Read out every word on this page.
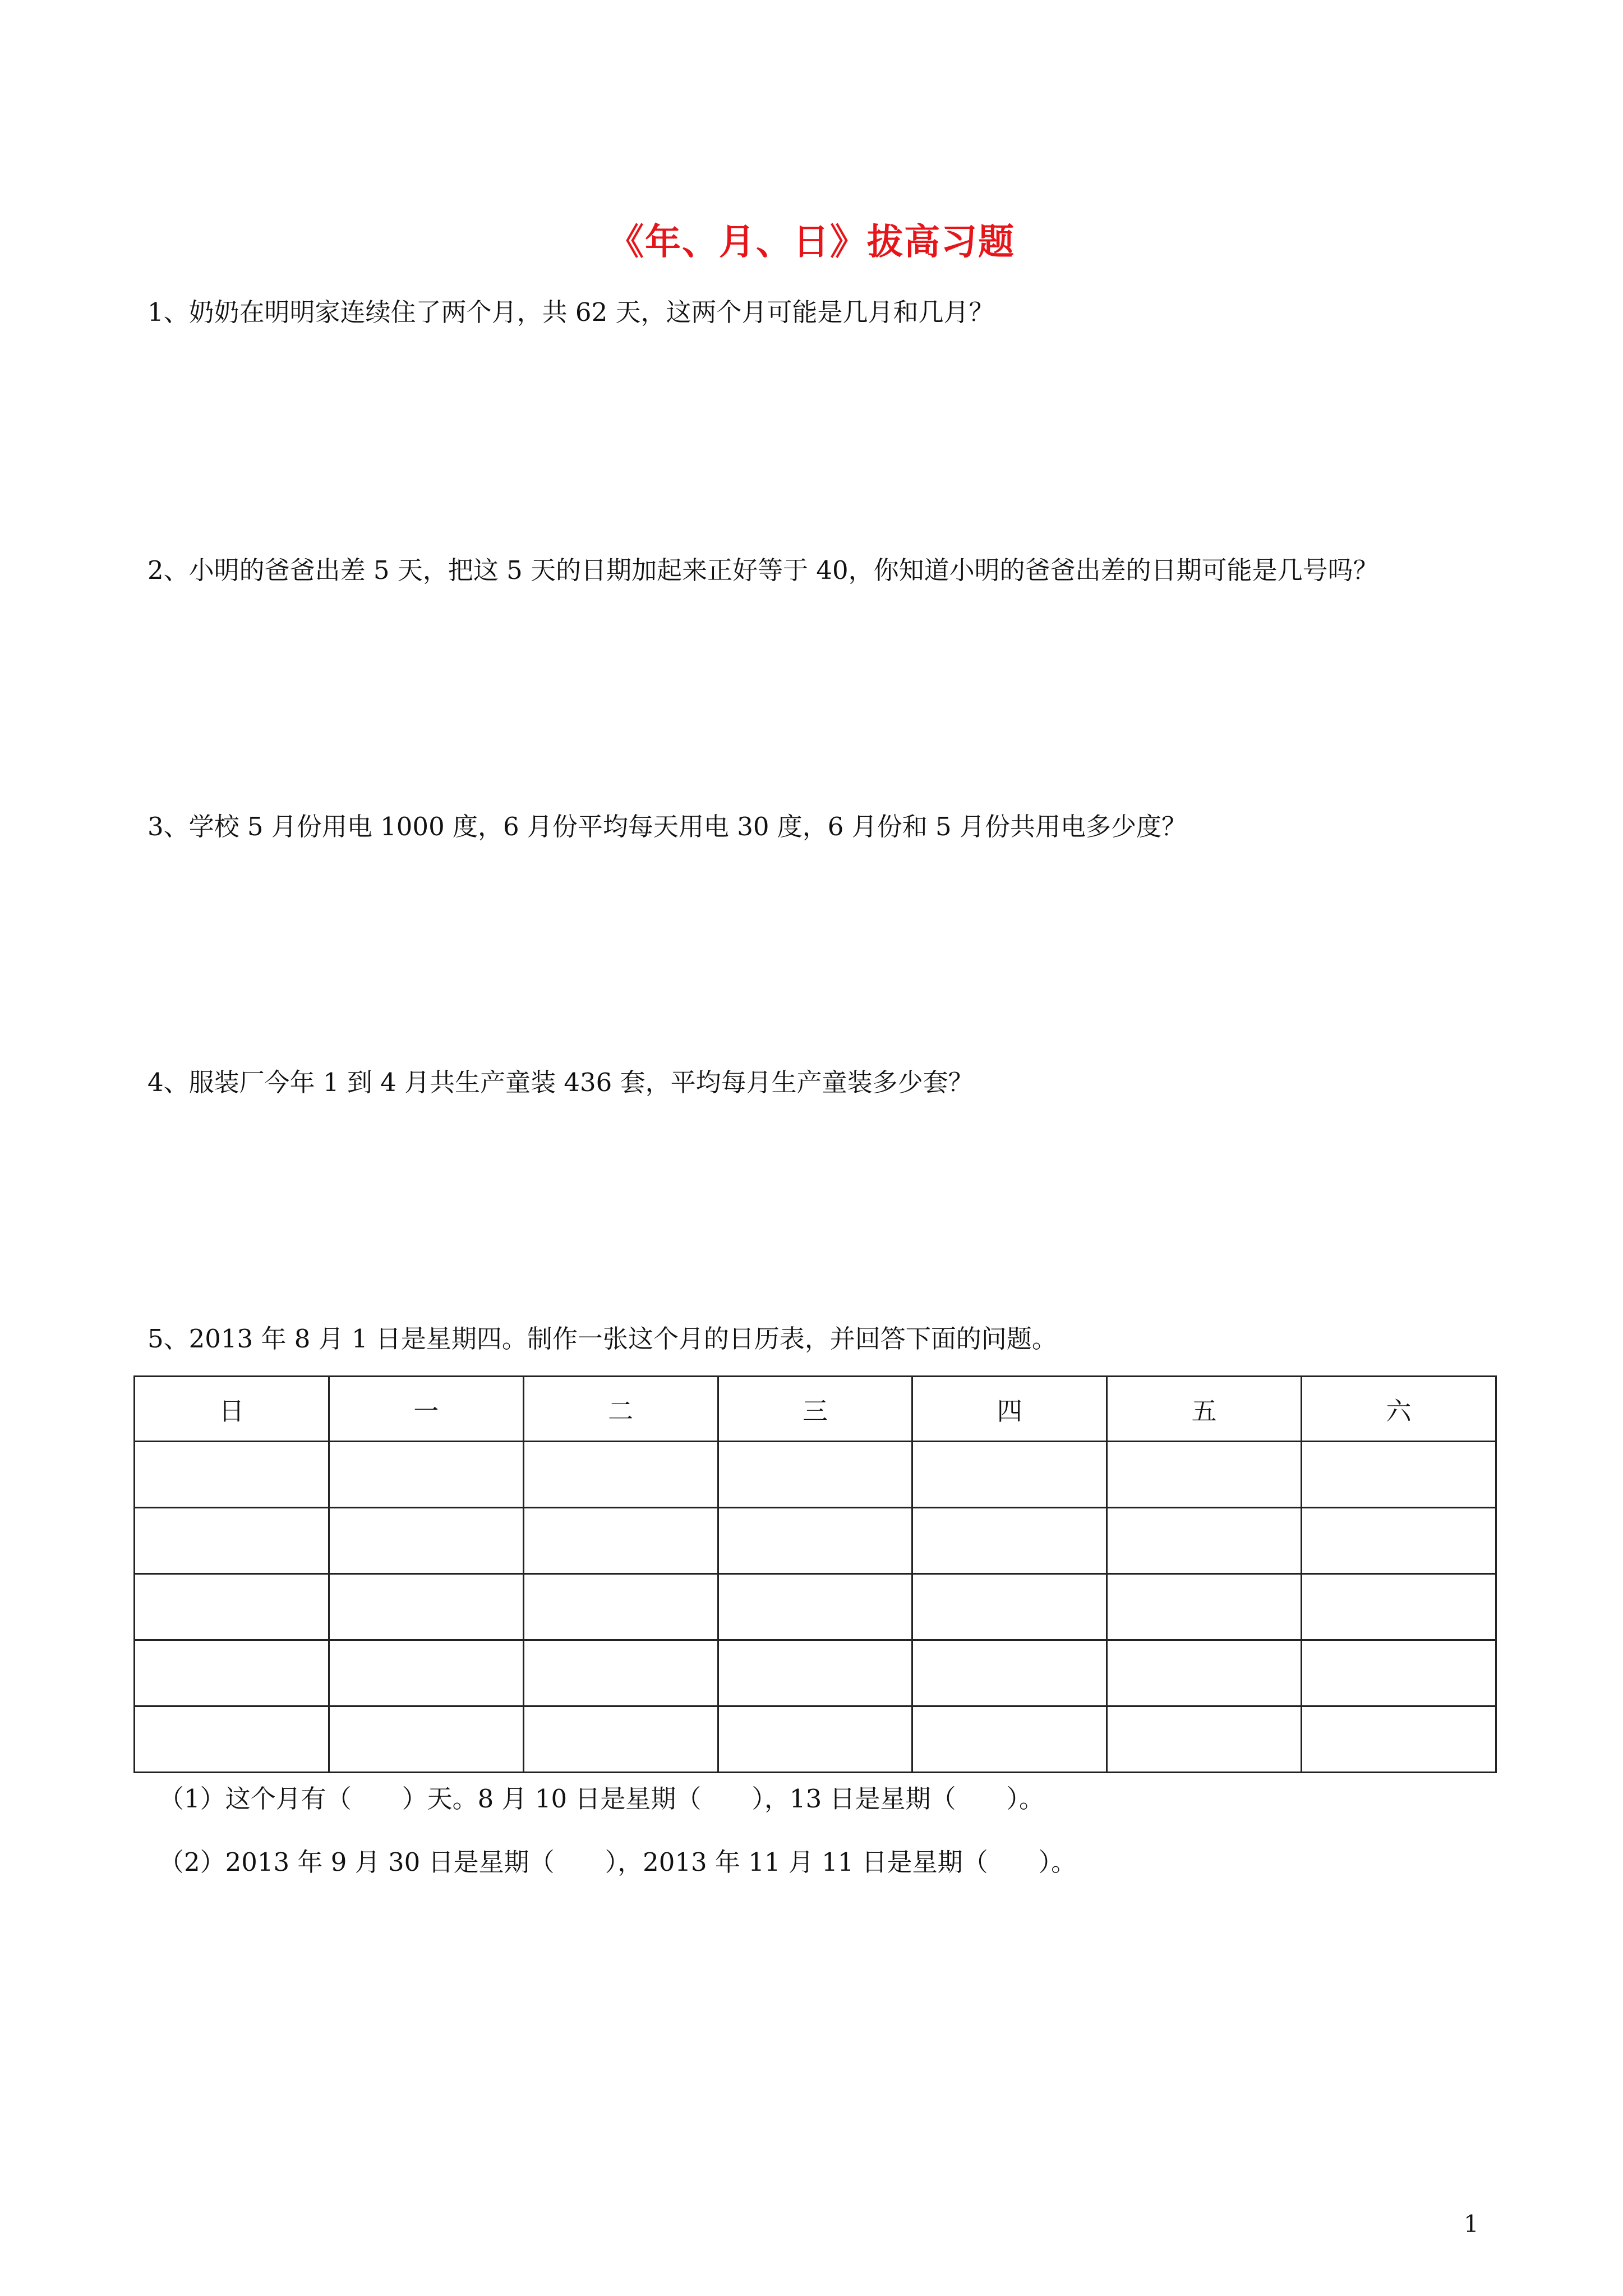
《年、月、日》拔高习题
1、奶奶在明明家连续住了两个月，共 62 天，这两个月可能是几月和几月？
2、小明的爸爸出差 5 天，把这 5 天的日期加起来正好等于 40，你知道小明的爸爸出差的日期可能是几号吗？
3、学校 5 月份用电 1000 度，6 月份平均每天用电 30 度，6 月份和 5 月份共用电多少度？
4、服装厂今年 1 到 4 月共生产童装 436 套，平均每月生产童装多少套？
5、2013 年 8 月 1 日是星期四。制作一张这个月的日历表，并回答下面的问题。
日	一	二	三	四	五	六

（1）这个月有（　　）天。8 月 10 日是星期（　　），13 日是星期（　　）。
（2）2013 年 9 月 30 日是星期（　　），2013 年 11 月 11 日是星期（　　）。
1
